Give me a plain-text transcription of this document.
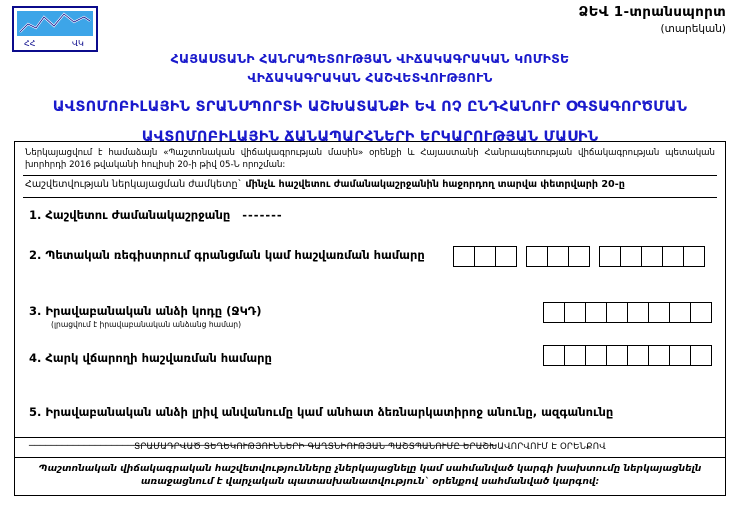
ՀՀ	ՎԿ
ՁԵՎ 1-տրանսպորտ
(տարեկան)
ՀԱՅԱՍՏԱՆԻ ՀԱՆՐԱՊԵՏՈՒԹՅԱՆ ՎԻՃԱԿԱԳՐԱԿԱՆ ԿՈՄԻՏԵ
ՎԻՃԱԿԱԳՐԱԿԱՆ ՀԱՇՎԵՏՎՈՒԹՅՈՒՆ
ԱՎՏՈՄՈԲԻԼԱՅԻՆ ՏՐԱՆՍՊՈՐՏԻ ԱՇԽԱՏԱՆՔԻ ԵՎ ՈՉ ԸՆԴՀԱՆՈՒՐ ՕԳՏԱԳՈՐԾՄԱՆ
ԱՎՏՈՄՈԲԻԼԱՅԻՆ ՃԱՆԱՊԱՐՀՆԵՐԻ ԵՐԿԱՐՈՒԹՅԱՆ ՄԱՍԻՆ
Ներկայացվում է համաձայն «Պաշտոնական վիճակագրության մասին» օրենքի և Հայաստանի Հանրապետության վիճակագրության պետական խորհրդի 2016 թվականի հուլիսի 20-ի թիվ 05-Ն որոշման:
Հաշվետվության ներկայացման ժամկետը` մինչև հաշվետու ժամանակաշրջանին հաջորդող տարվա փետրվարի 20-ը
1. Հաշվետու ժամանակաշրջանը -------
2. Պետական ռեգիստրում գրանցման կամ հաշվառման համարը
3. Իրավաբանական անձի կոդը (ՋԿԴ)
(լրացվում է իրավաբանական անձանց համար)
4. Հարկ վճարողի հաշվառման համարը
5. Իրավաբանական անձի լրիվ անվանումը կամ անհատ ձեռնարկատիրոջ անունը, ազգանունը
_____________________________________________________________________________________
ՏՐԱՄԱԴՐՎԱԾ ՏԵՂԵԿՈՒԹՅՈՒՆՆԵՐԻ ԳԱՂՏՆԻՈՒԹՅԱՆ ՊԱՇՏՊԱՆՈՒՄԸ ԵՐԱՇԽԱՎՈՐՎՈՒՄ Է ՕՐԵՆՔՈՎ
Պաշտոնական վիճակագրական հաշվետվությունները չներկայացնելը կամ սահմանված կարգի խախտումը ներկայացնելն
առաջացնում է վարչական պատասխանատվություն` օրենքով սահմանված կարգով:
